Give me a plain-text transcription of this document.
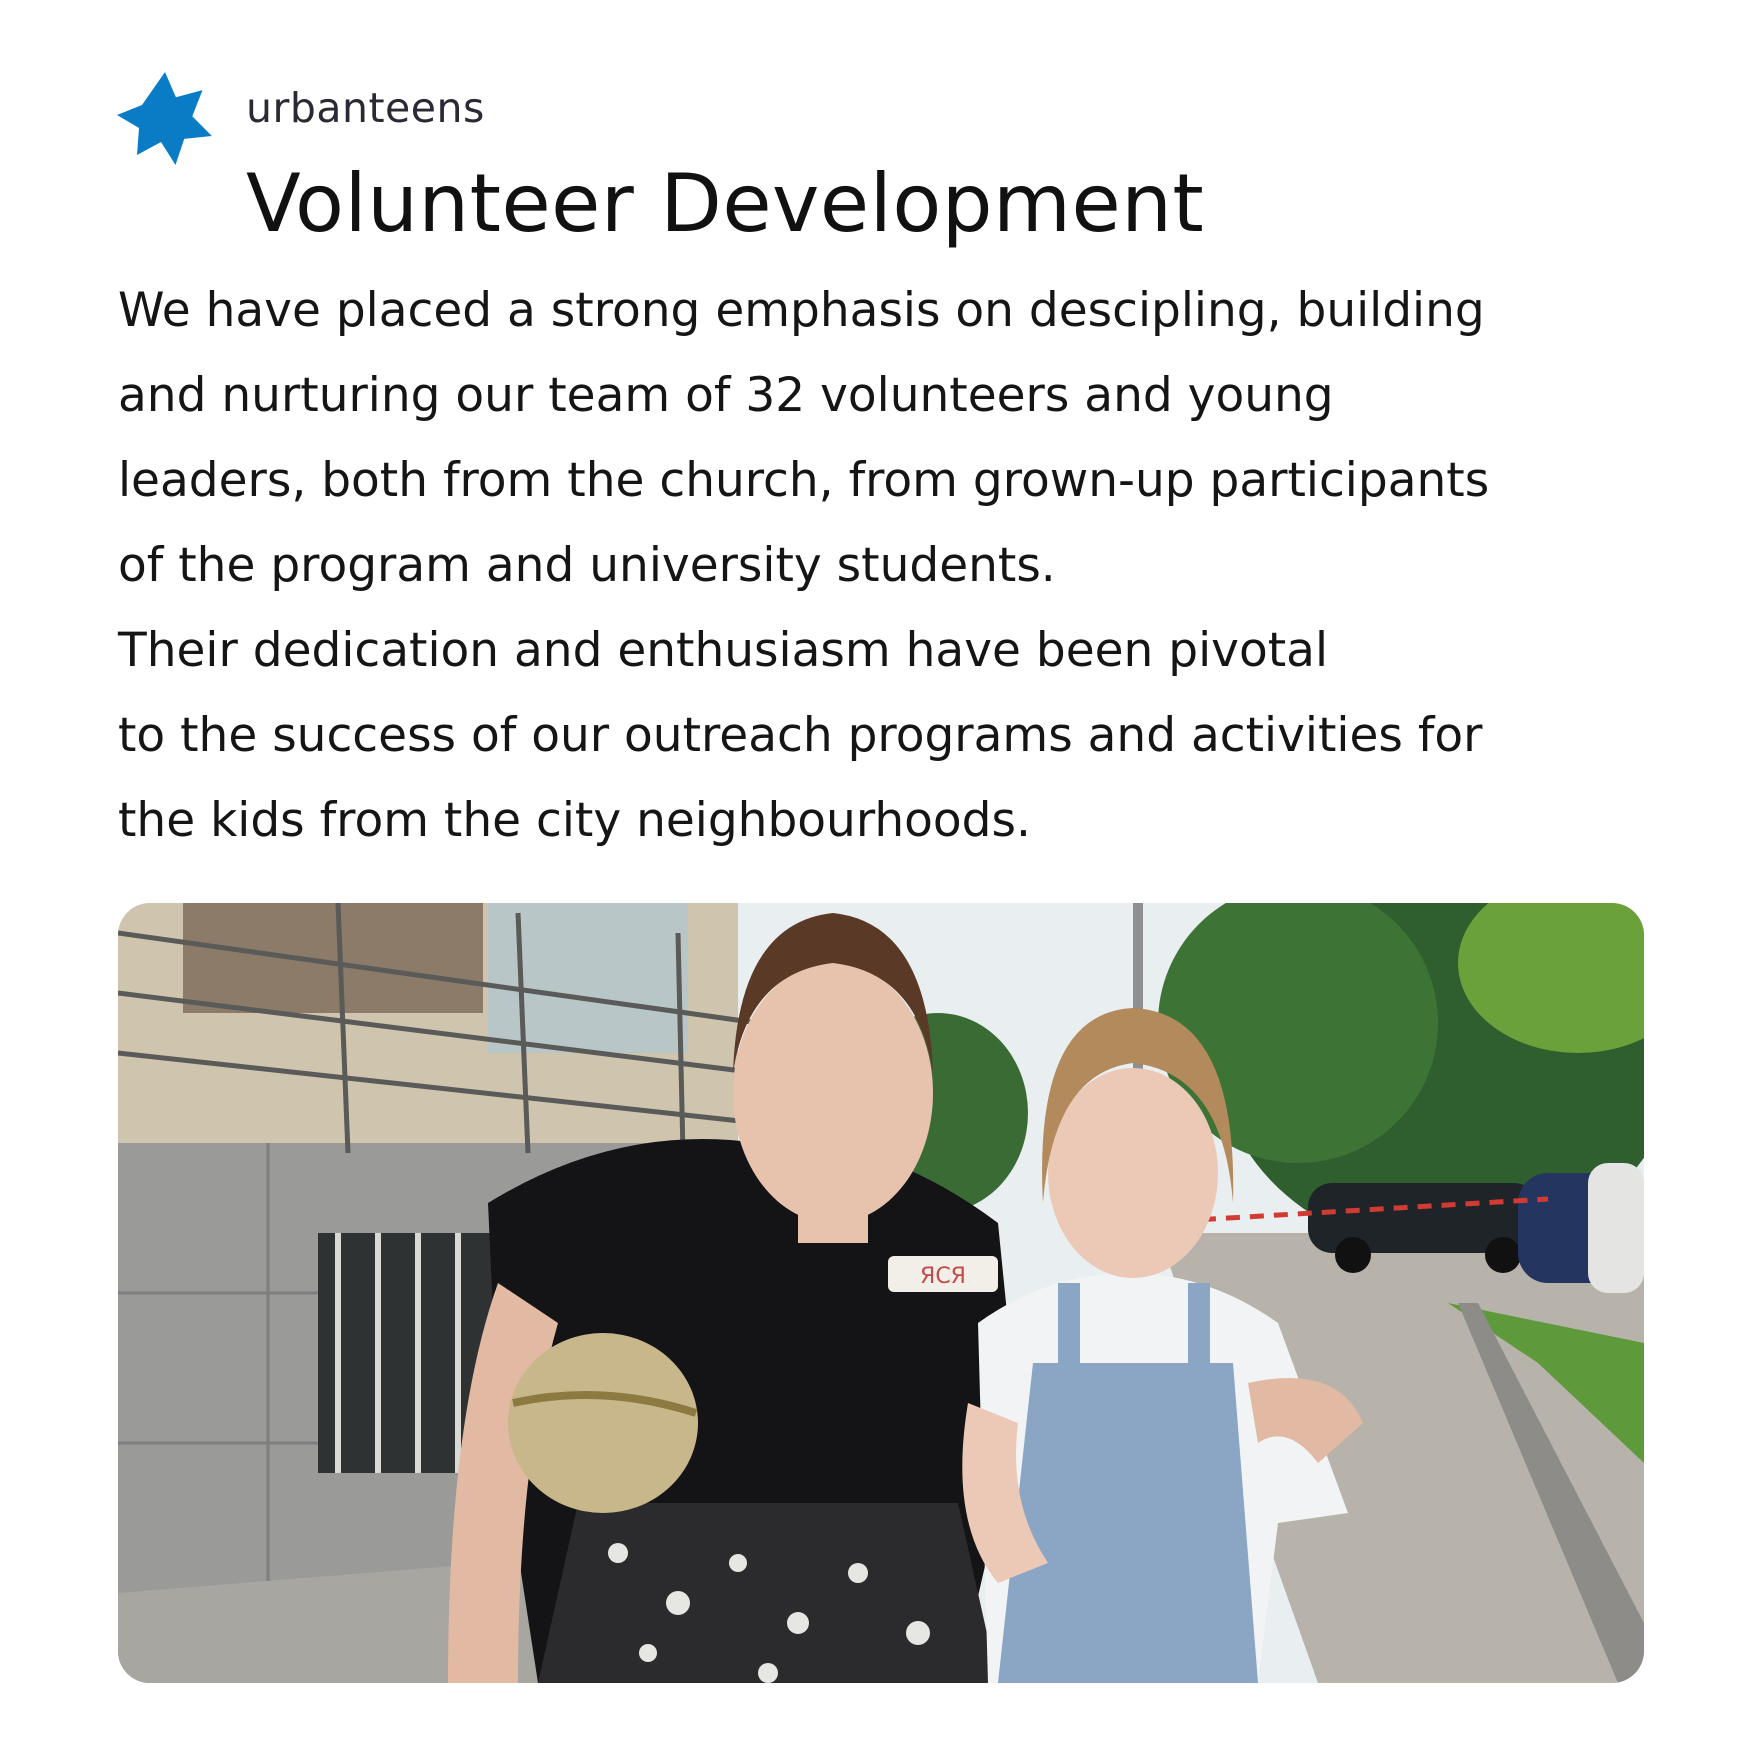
urbanteens
Volunteer Development
We have placed a strong emphasis on descipling, building
and nurturing our team of 32 volunteers and young
leaders, both from the church, from grown-up participants
of the program and university students.
Their dedication and enthusiasm have been pivotal
to the success of our outreach programs and activities for
the kids from the city neighbourhoods.
ЯСЯ
